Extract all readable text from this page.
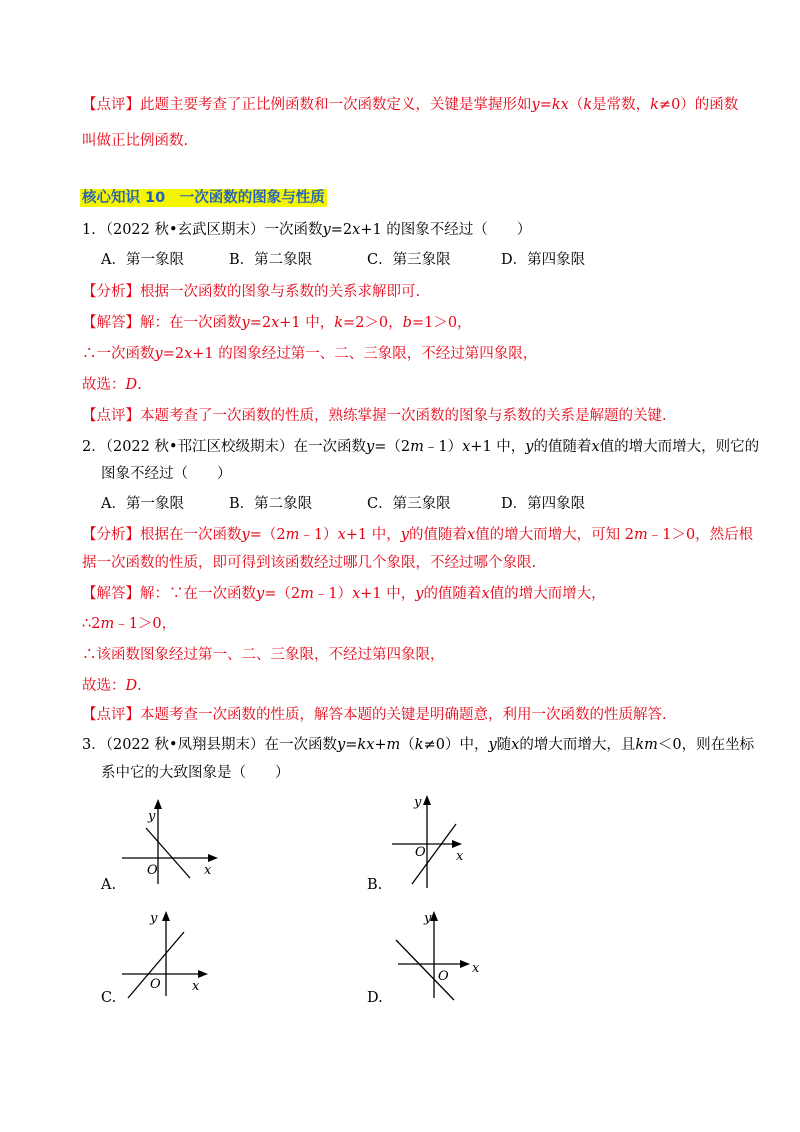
【点评】此题主要考查了正比例函数和一次函数定义，关键是掌握形如y=kx（k是常数，k≠0）的函数
叫做正比例函数.
核心知识 10　一次函数的图象与性质
1．（2022 秋•玄武区期末）一次函数y=2x+1 的图象不经过（　　）
A．第一象限	B．第二象限	C．第三象限	D．第四象限
【分析】根据一次函数的图象与系数的关系求解即可.
【解答】解：在一次函数y=2x+1 中，k=2＞0，b=1＞0，
∴一次函数y=2x+1 的图象经过第一、二、三象限，不经过第四象限，
故选：D.
【点评】本题考查了一次函数的性质，熟练掌握一次函数的图象与系数的关系是解题的关键.
2．（2022 秋•邗江区校级期末）在一次函数y=（2m﹣1）x+1 中，y的值随着x值的增大而增大，则它的
图象不经过（　　）
A．第一象限	B．第二象限	C．第三象限	D．第四象限
【分析】根据在一次函数y=（2m﹣1）x+1 中，y的值随着x值的增大而增大，可知 2m﹣1＞0，然后根
据一次函数的性质，即可得到该函数经过哪几个象限，不经过哪个象限.
【解答】解：∵在一次函数y=（2m﹣1）x+1 中，y的值随着x值的增大而增大，
∴2m﹣1＞0，
∴该函数图象经过第一、二、三象限，不经过第四象限，
故选：D.
【点评】本题考查一次函数的性质，解答本题的关键是明确题意，利用一次函数的性质解答.
3．（2022 秋•凤翔县期末）在一次函数y=kx+m（k≠0）中，y随x的增大而增大，且km＜0，则在坐标
系中它的大致图象是（　　）
A.
x
y
O
B.
x
y
O
C.
x
y
O
D.
x
y
O
